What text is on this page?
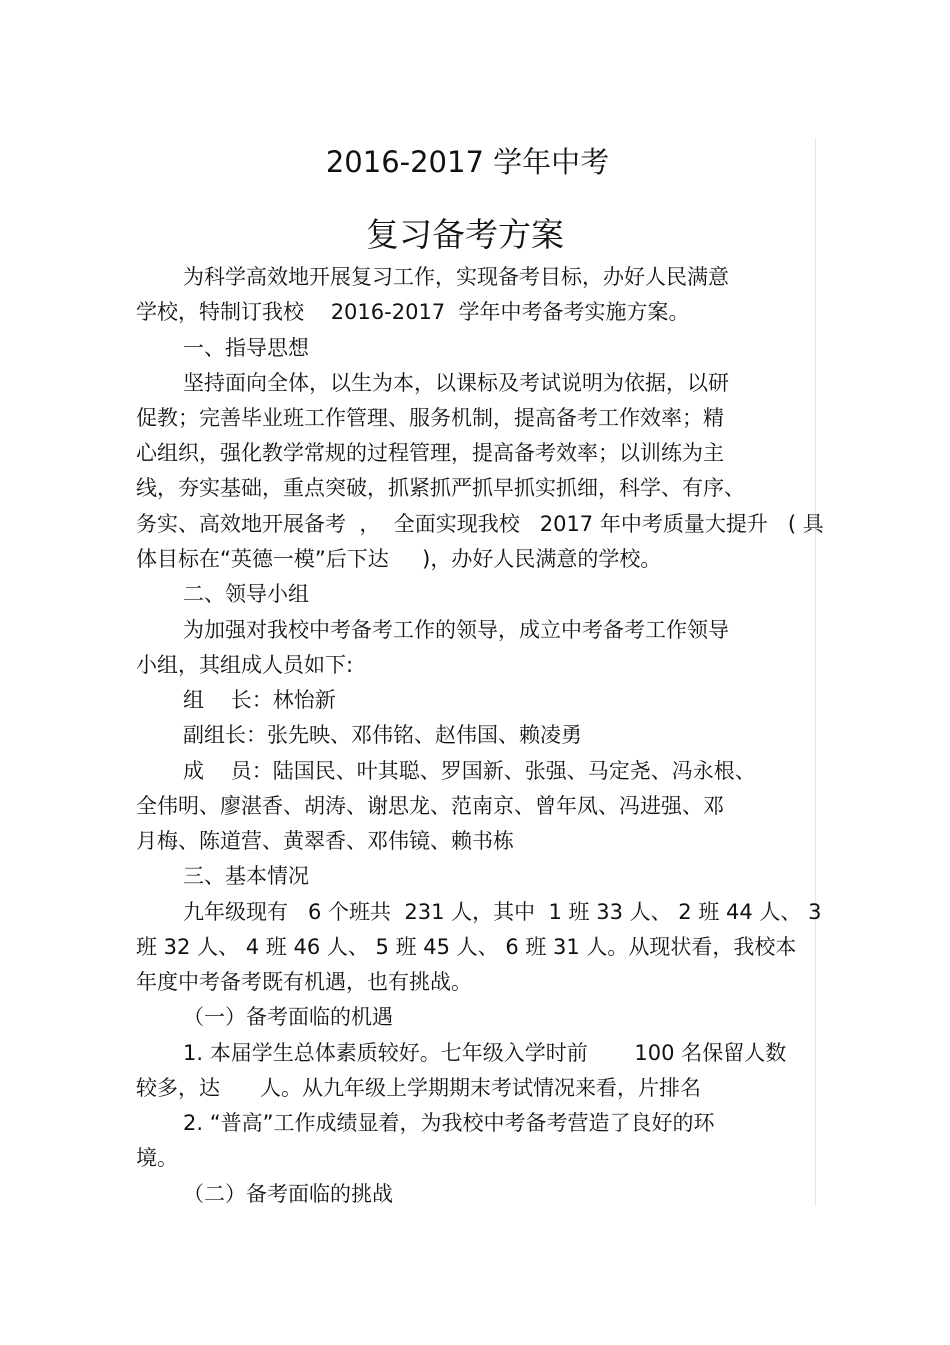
2016-2017 学年中考
复习备考方案
为科学高效地开展复习工作，实现备考目标，办好人民满意
学校，特制订我校    2016-2017  学年中考备考实施方案。
一、指导思想
坚持面向全体，以生为本，以课标及考试说明为依据，以研
促教；完善毕业班工作管理、服务机制，提高备考工作效率；精
心组织，强化教学常规的过程管理，提高备考效率；以训练为主
线，夯实基础，重点突破，抓紧抓严抓早抓实抓细，科学、有序、
务实、高效地开展备考  ，  全面实现我校   2017 年中考质量大提升   ( 具
体目标在“英德一模”后下达     )，办好人民满意的学校。
二、领导小组
为加强对我校中考备考工作的领导，成立中考备考工作领导
小组，其组成人员如下:
组    长：林怡新
副组长：张先映、邓伟铭、赵伟国、赖凌勇
成    员：陆国民、叶其聪、罗国新、张强、马定尧、冯永根、
全伟明、廖湛香、胡涛、谢思龙、范南京、曾年凤、冯进强、邓
月梅、陈道营、黄翠香、邓伟镜、赖书栋
三、基本情况
九年级现有   6 个班共  231 人，其中  1 班 33 人、 2 班 44 人、 3
班 32 人、 4 班 46 人、 5 班 45 人、 6 班 31 人。从现状看，我校本
年度中考备考既有机遇，也有挑战。
（一）备考面临的机遇
1. 本届学生总体素质较好。七年级入学时前       100 名保留人数
较多，达      人。从九年级上学期期末考试情况来看，片排名
2. “普高”工作成绩显着，为我校中考备考营造了良好的环
境。
（二）备考面临的挑战
